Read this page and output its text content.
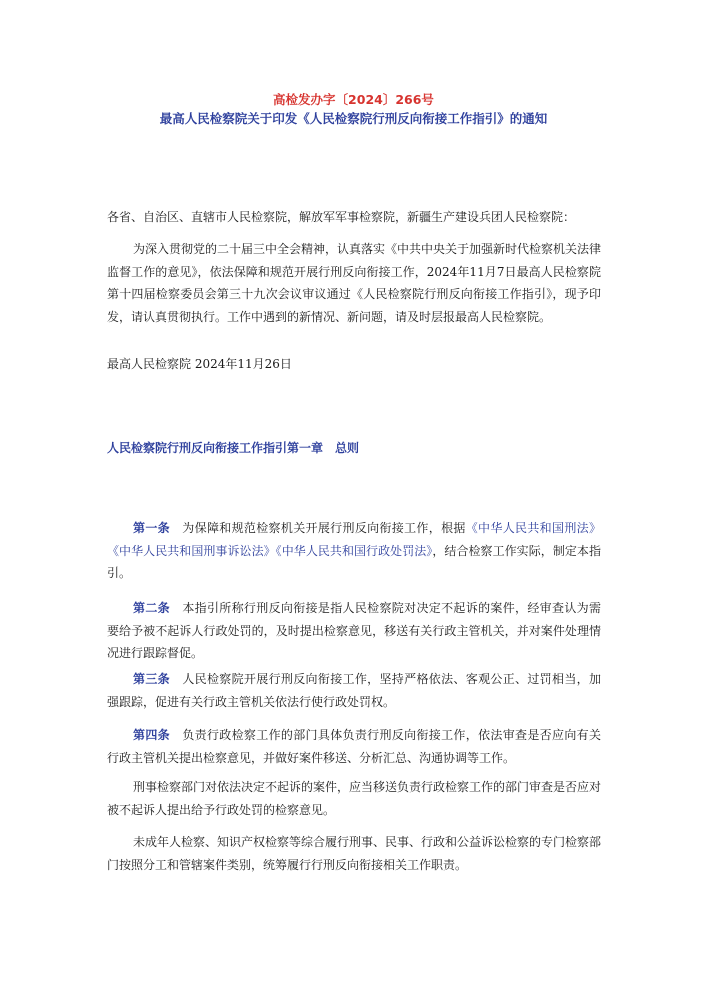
高检发办字〔2024〕266号

最高人民检察院关于印发《人民检察院行刑反向衔接工作指引》的通知

各省、自治区、直辖市人民检察院，解放军军事检察院，新疆生产建设兵团人民检察院：

为深入贯彻党的二十届三中全会精神，认真落实《中共中央关于加强新时代检察机关法律监督工作的意见》，依法保障和规范开展行刑反向衔接工作，2024年11月7日最高人民检察院第十四届检察委员会第三十九次会议审议通过《人民检察院行刑反向衔接工作指引》，现予印发，请认真贯彻执行。工作中遇到的新情况、新问题，请及时层报最高人民检察院。

最高人民检察院 2024年11月26日

人民检察院行刑反向衔接工作指引第一章　总则

第一条　 为保障和规范检察机关开展行刑反向衔接工作，根据《中华人民共和国刑法》《中华人民共和国刑事诉讼法》《中华人民共和国行政处罚法》，结合检察工作实际，制定本指引。

第二条　 本指引所称行刑反向衔接是指人民检察院对决定不起诉的案件，经审查认为需要给予被不起诉人行政处罚的，及时提出检察意见，移送有关行政主管机关，并对案件处理情况进行跟踪督促。

第三条　 人民检察院开展行刑反向衔接工作，坚持严格依法、客观公正、过罚相当，加强跟踪，促进有关行政主管机关依法行使行政处罚权。

第四条　 负责行政检察工作的部门具体负责行刑反向衔接工作，依法审查是否应向有关行政主管机关提出检察意见，并做好案件移送、分析汇总、沟通协调等工作。

刑事检察部门对依法决定不起诉的案件，应当移送负责行政检察工作的部门审查是否应对被不起诉人提出给予行政处罚的检察意见。

未成年人检察、知识产权检察等综合履行刑事、民事、行政和公益诉讼检察的专门检察部门按照分工和管辖案件类别，统筹履行行刑反向衔接相关工作职责。
